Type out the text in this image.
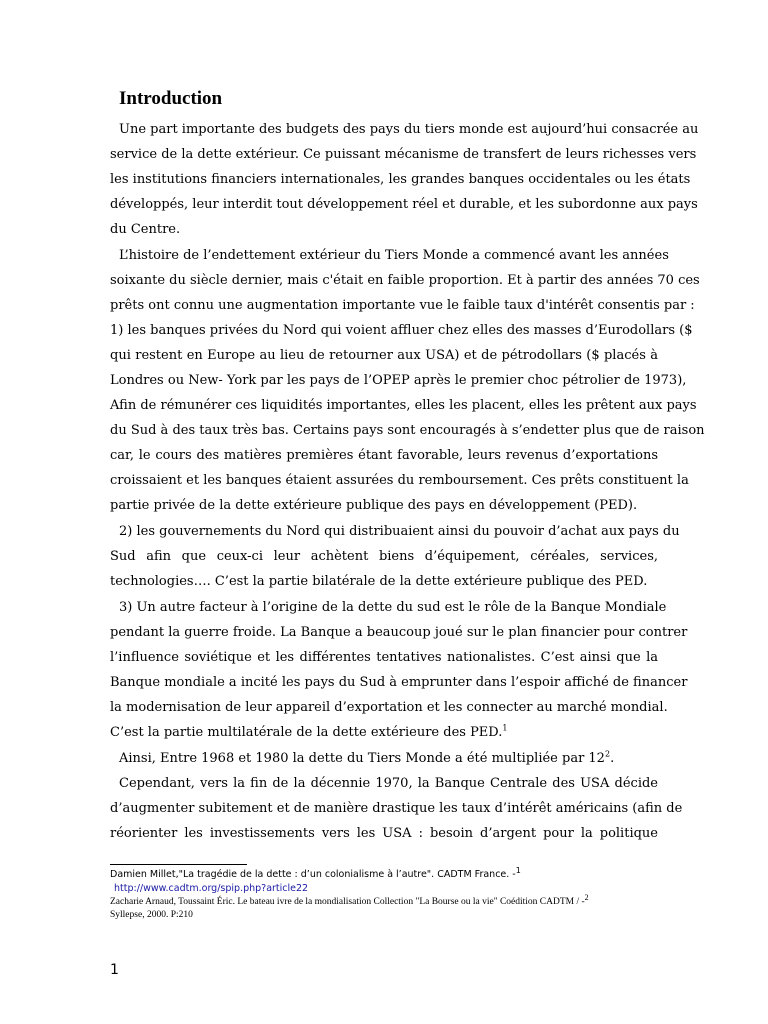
Introduction

Une part importante des budgets des pays du tiers monde est aujourd’hui consacrée au

service de la dette extérieur. Ce puissant mécanisme de transfert de leurs richesses vers

les institutions financiers internationales, les grandes banques occidentales ou les états

développés, leur interdit tout développement réel et durable, et les subordonne aux pays

du Centre.

L’histoire de l’endettement extérieur du Tiers Monde a commencé avant les années

soixante du siècle dernier, mais c'était en faible proportion. Et à partir des années 70 ces

prêts ont connu une augmentation importante vue le faible taux d'intérêt consentis par :

1) les banques privées du Nord qui voient affluer chez elles des masses d’Eurodollars ($

qui restent en Europe au lieu de retourner aux USA) et de pétrodollars ($ placés à

Londres ou New- York par les pays de l’OPEP après le premier choc pétrolier de 1973),

Afin de rémunérer ces liquidités importantes, elles les placent, elles les prêtent aux pays

du Sud à des taux très bas. Certains pays sont encouragés à s’endetter plus que de raison

car, le cours des matières premières étant favorable, leurs revenus d’exportations

croissaient et les banques étaient assurées du remboursement. Ces prêts constituent la

partie privée de la dette extérieure publique des pays en développement (PED).

2) les gouvernements du Nord qui distribuaient ainsi du pouvoir d’achat aux pays du

Sud afin que ceux-ci leur achètent biens d’équipement, céréales, services,

technologies…. C’est la partie bilatérale de la dette extérieure publique des PED.

3) Un autre facteur à l’origine de la dette du sud est le rôle de la Banque Mondiale

pendant la guerre froide. La Banque a beaucoup joué sur le plan financier pour contrer

l’influence soviétique et les différentes tentatives nationalistes. C’est ainsi que la

Banque mondiale a incité les pays du Sud à emprunter dans l’espoir affiché de financer

la modernisation de leur appareil d’exportation et les connecter au marché mondial.

C’est la partie multilatérale de la dette extérieure des PED.$^1$

Ainsi, Entre 1968 et 1980 la dette du Tiers Monde a été multipliée par $12^2$.

Cependant, vers la fin de la décennie 1970, la Banque Centrale des USA décide

d’augmenter subitement et de manière drastique les taux d’intérêt américains (afin de

réorienter les investissements vers les USA : besoin d’argent pour la politique

Damien Millet,"La tragédie de la dette : d’un colonialisme à l’autre". CADTM France. -$^1$

http://www.cadtm.org/spip.php?article22

Zacharie Arnaud, Toussaint Éric. Le bateau ivre de la mondialisation Collection "La Bourse ou la vie" Coédition CADTM / -$^2$

Syllepse, 2000. P:210

1
